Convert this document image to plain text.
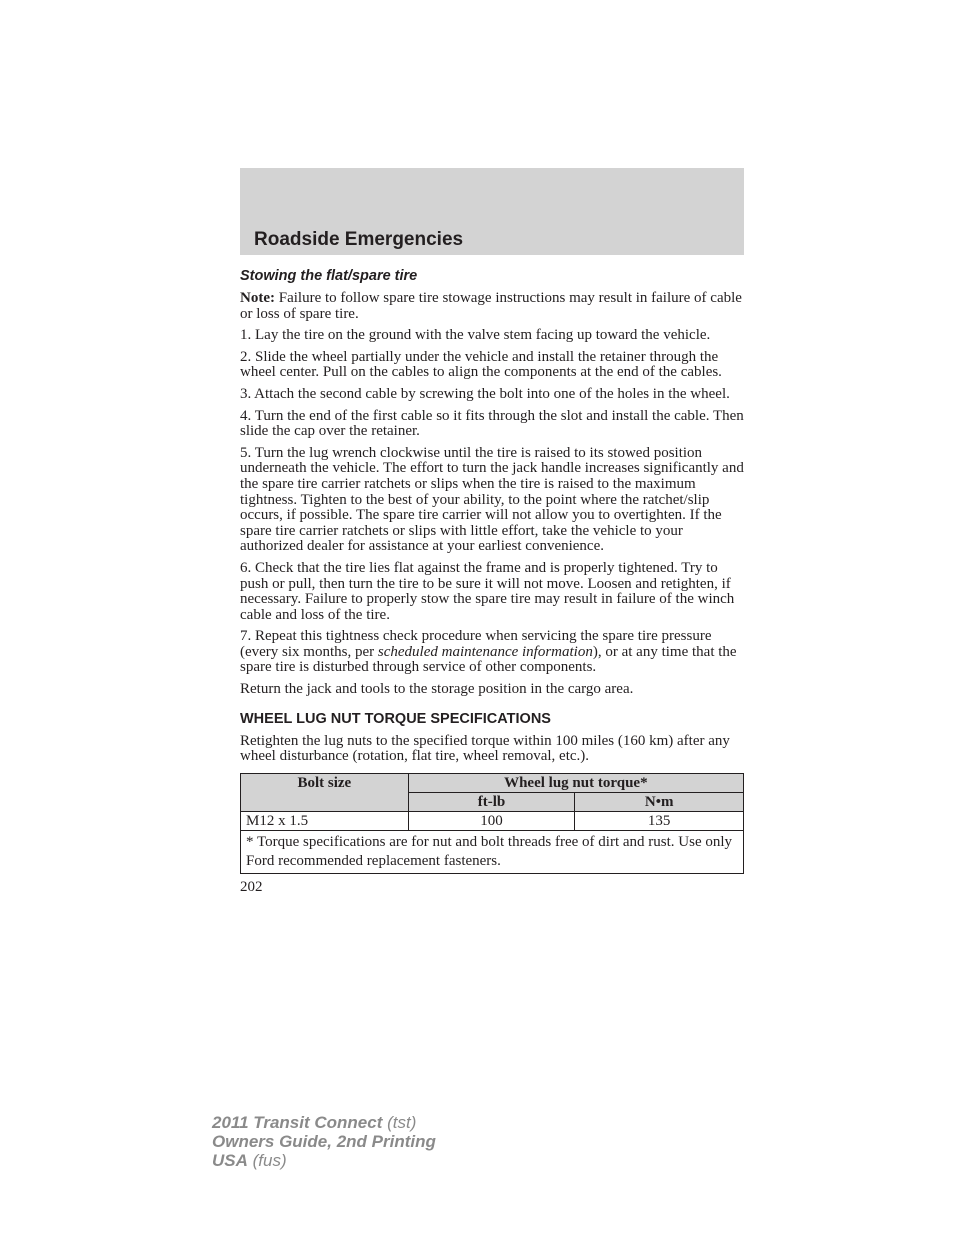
Roadside Emergencies
Stowing the flat/spare tire

Note: Failure to follow spare tire stowage instructions may result in failure of cable or loss of spare tire.

1. Lay the tire on the ground with the valve stem facing up toward the vehicle.

2. Slide the wheel partially under the vehicle and install the retainer through the wheel center. Pull on the cables to align the components at the end of the cables.

3. Attach the second cable by screwing the bolt into one of the holes in the wheel.

4. Turn the end of the first cable so it fits through the slot and install the cable. Then slide the cap over the retainer.

5. Turn the lug wrench clockwise until the tire is raised to its stowed position underneath the vehicle. The effort to turn the jack handle increases significantly and the spare tire carrier ratchets or slips when the tire is raised to the maximum tightness. Tighten to the best of your ability, to the point where the ratchet/slip occurs, if possible. The spare tire carrier will not allow you to overtighten. If the spare tire carrier ratchets or slips with little effort, take the vehicle to your authorized dealer for assistance at your earliest convenience.

6. Check that the tire lies flat against the frame and is properly tightened. Try to push or pull, then turn the tire to be sure it will not move. Loosen and retighten, if necessary. Failure to properly stow the spare tire may result in failure of the winch cable and loss of the tire.

7. Repeat this tightness check procedure when servicing the spare tire pressure (every six months, per scheduled maintenance information), or at any time that the spare tire is disturbed through service of other components.

Return the jack and tools to the storage position in the cargo area.

WHEEL LUG NUT TORQUE SPECIFICATIONS

Retighten the lug nuts to the specified torque within 100 miles (160 km) after any wheel disturbance (rotation, flat tire, wheel removal, etc.).

Bolt size	Wheel lug nut torque*	
	ft-lb	N•m
M12 x 1.5	100	135
* Torque specifications are for nut and bolt threads free of dirt and rust. Use only Ford recommended replacement fasteners.		
202
2011 Transit Connect (tst)
Owners Guide, 2nd Printing
USA (fus)
